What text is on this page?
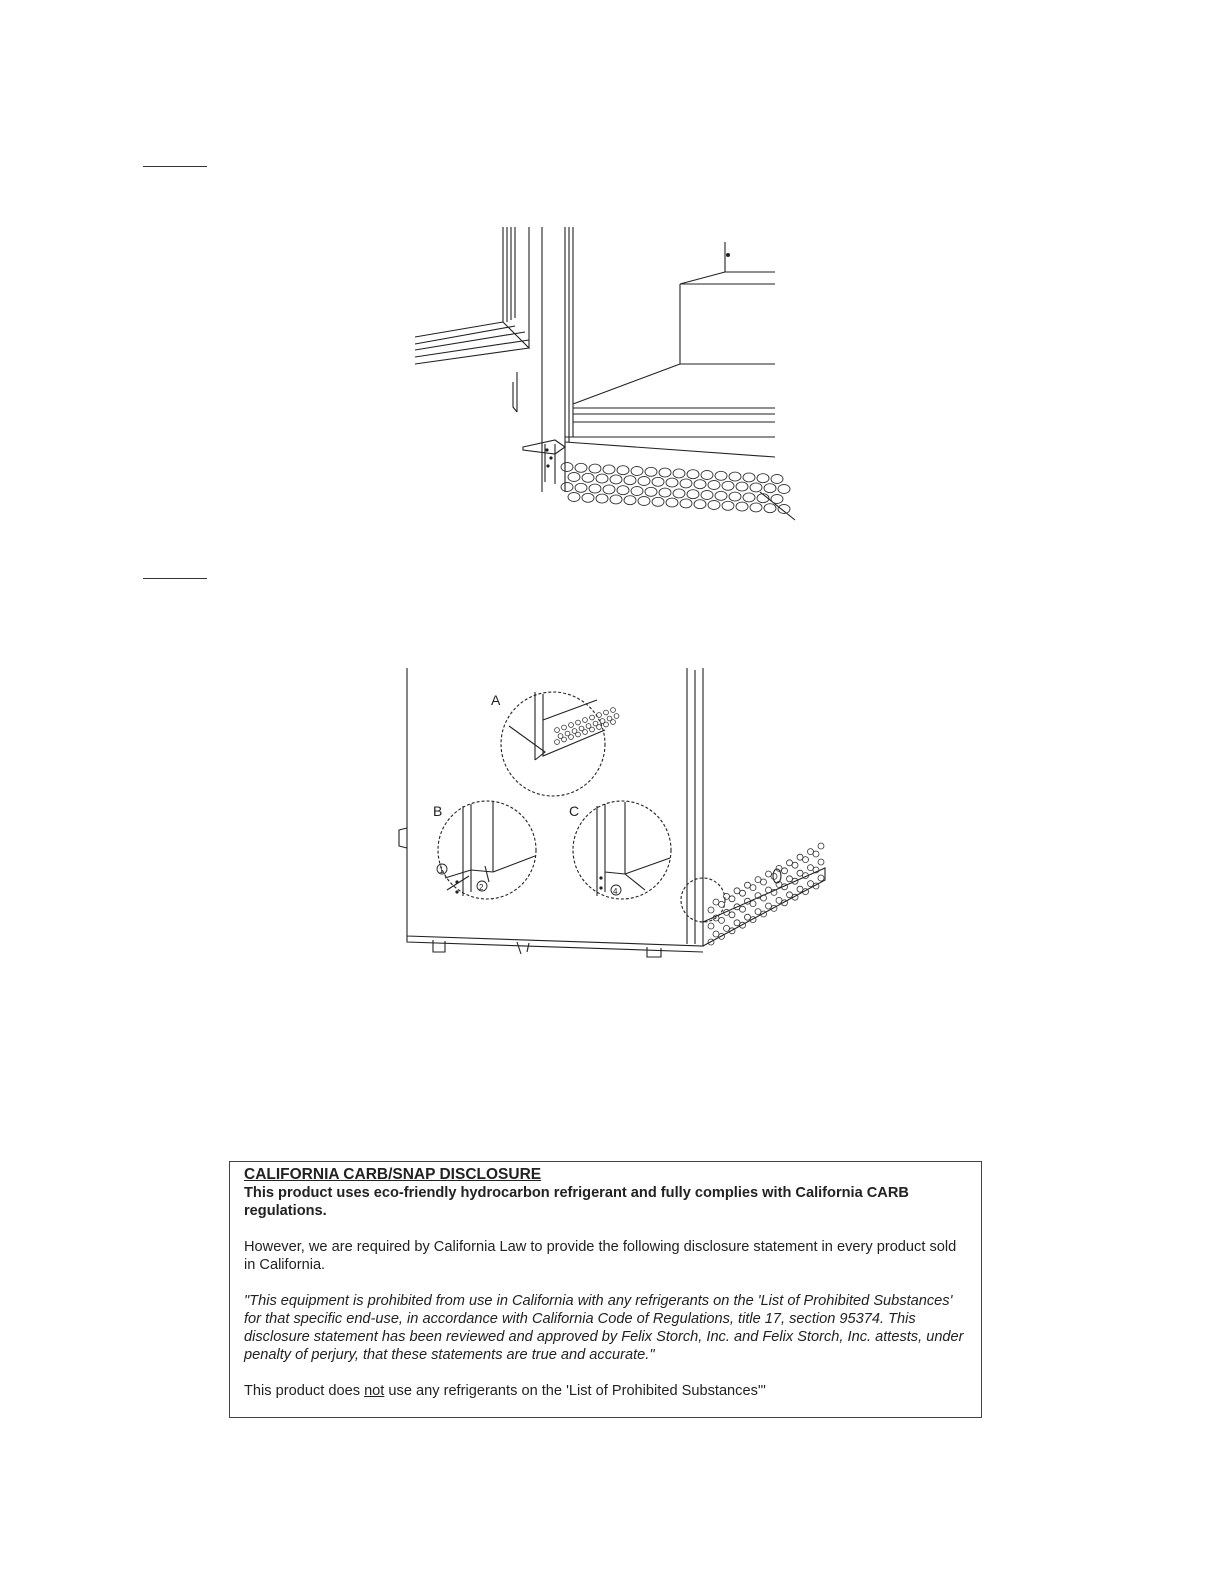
A
B	C
1
2	4

CALIFORNIA CARB/SNAP DISCLOSURE

This product uses eco-friendly hydrocarbon refrigerant and fully complies with California CARB regulations.

However, we are required by California Law to provide the following disclosure statement in every product sold in California.

"This equipment is prohibited from use in California with any refrigerants on the 'List of Prohibited Substances' for that specific end-use, in accordance with California Code of Regulations, title 17, section 95374. This disclosure statement has been reviewed and approved by Felix Storch, Inc. and Felix Storch, Inc. attests, under penalty of perjury, that these statements are true and accurate."

This product does not use any refrigerants on the 'List of Prohibited Substances'"
